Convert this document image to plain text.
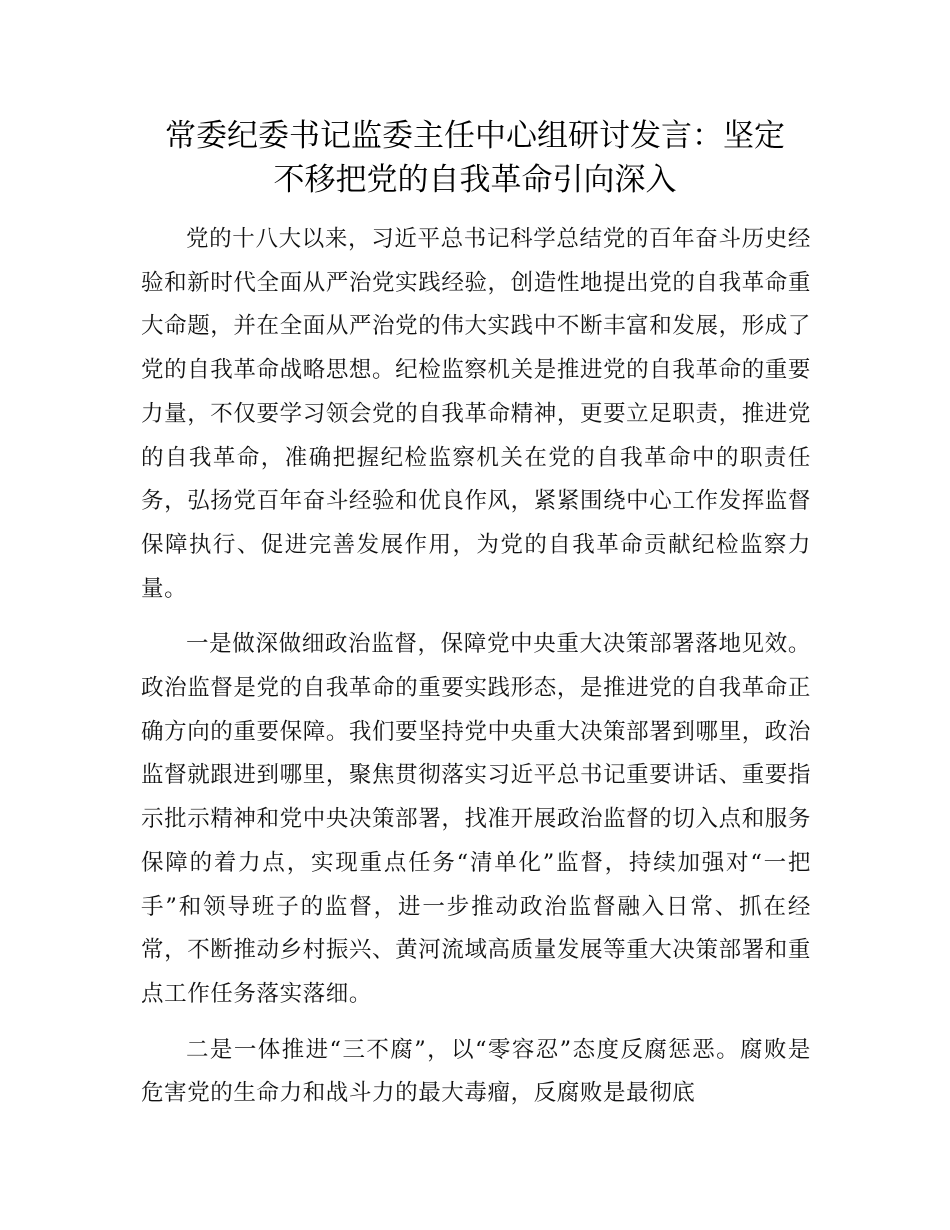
常委纪委书记监委主任中心组研讨发言：坚定
不移把党的自我革命引向深入

党的十八大以来，习近平总书记科学总结党的百年奋斗历史经验和新时代全面从严治党实践经验，创造性地提出党的自我革命重大命题，并在全面从严治党的伟大实践中不断丰富和发展，形成了党的自我革命战略思想。纪检监察机关是推进党的自我革命的重要力量，不仅要学习领会党的自我革命精神，更要立足职责，推进党的自我革命，准确把握纪检监察机关在党的自我革命中的职责任务，弘扬党百年奋斗经验和优良作风，紧紧围绕中心工作发挥监督保障执行、促进完善发展作用，为党的自我革命贡献纪检监察力量。

一是做深做细政治监督，保障党中央重大决策部署落地见效。政治监督是党的自我革命的重要实践形态，是推进党的自我革命正确方向的重要保障。我们要坚持党中央重大决策部署到哪里，政治监督就跟进到哪里，聚焦贯彻落实习近平总书记重要讲话、重要指示批示精神和党中央决策部署，找准开展政治监督的切入点和服务保障的着力点，实现重点任务“清单化”监督，持续加强对“一把手”和领导班子的监督，进一步推动政治监督融入日常、抓在经常，不断推动乡村振兴、黄河流域高质量发展等重大决策部署和重点工作任务落实落细。

二是一体推进“三不腐”，以“零容忍”态度反腐惩恶。腐败是危害党的生命力和战斗力的最大毒瘤，反腐败是最彻底
